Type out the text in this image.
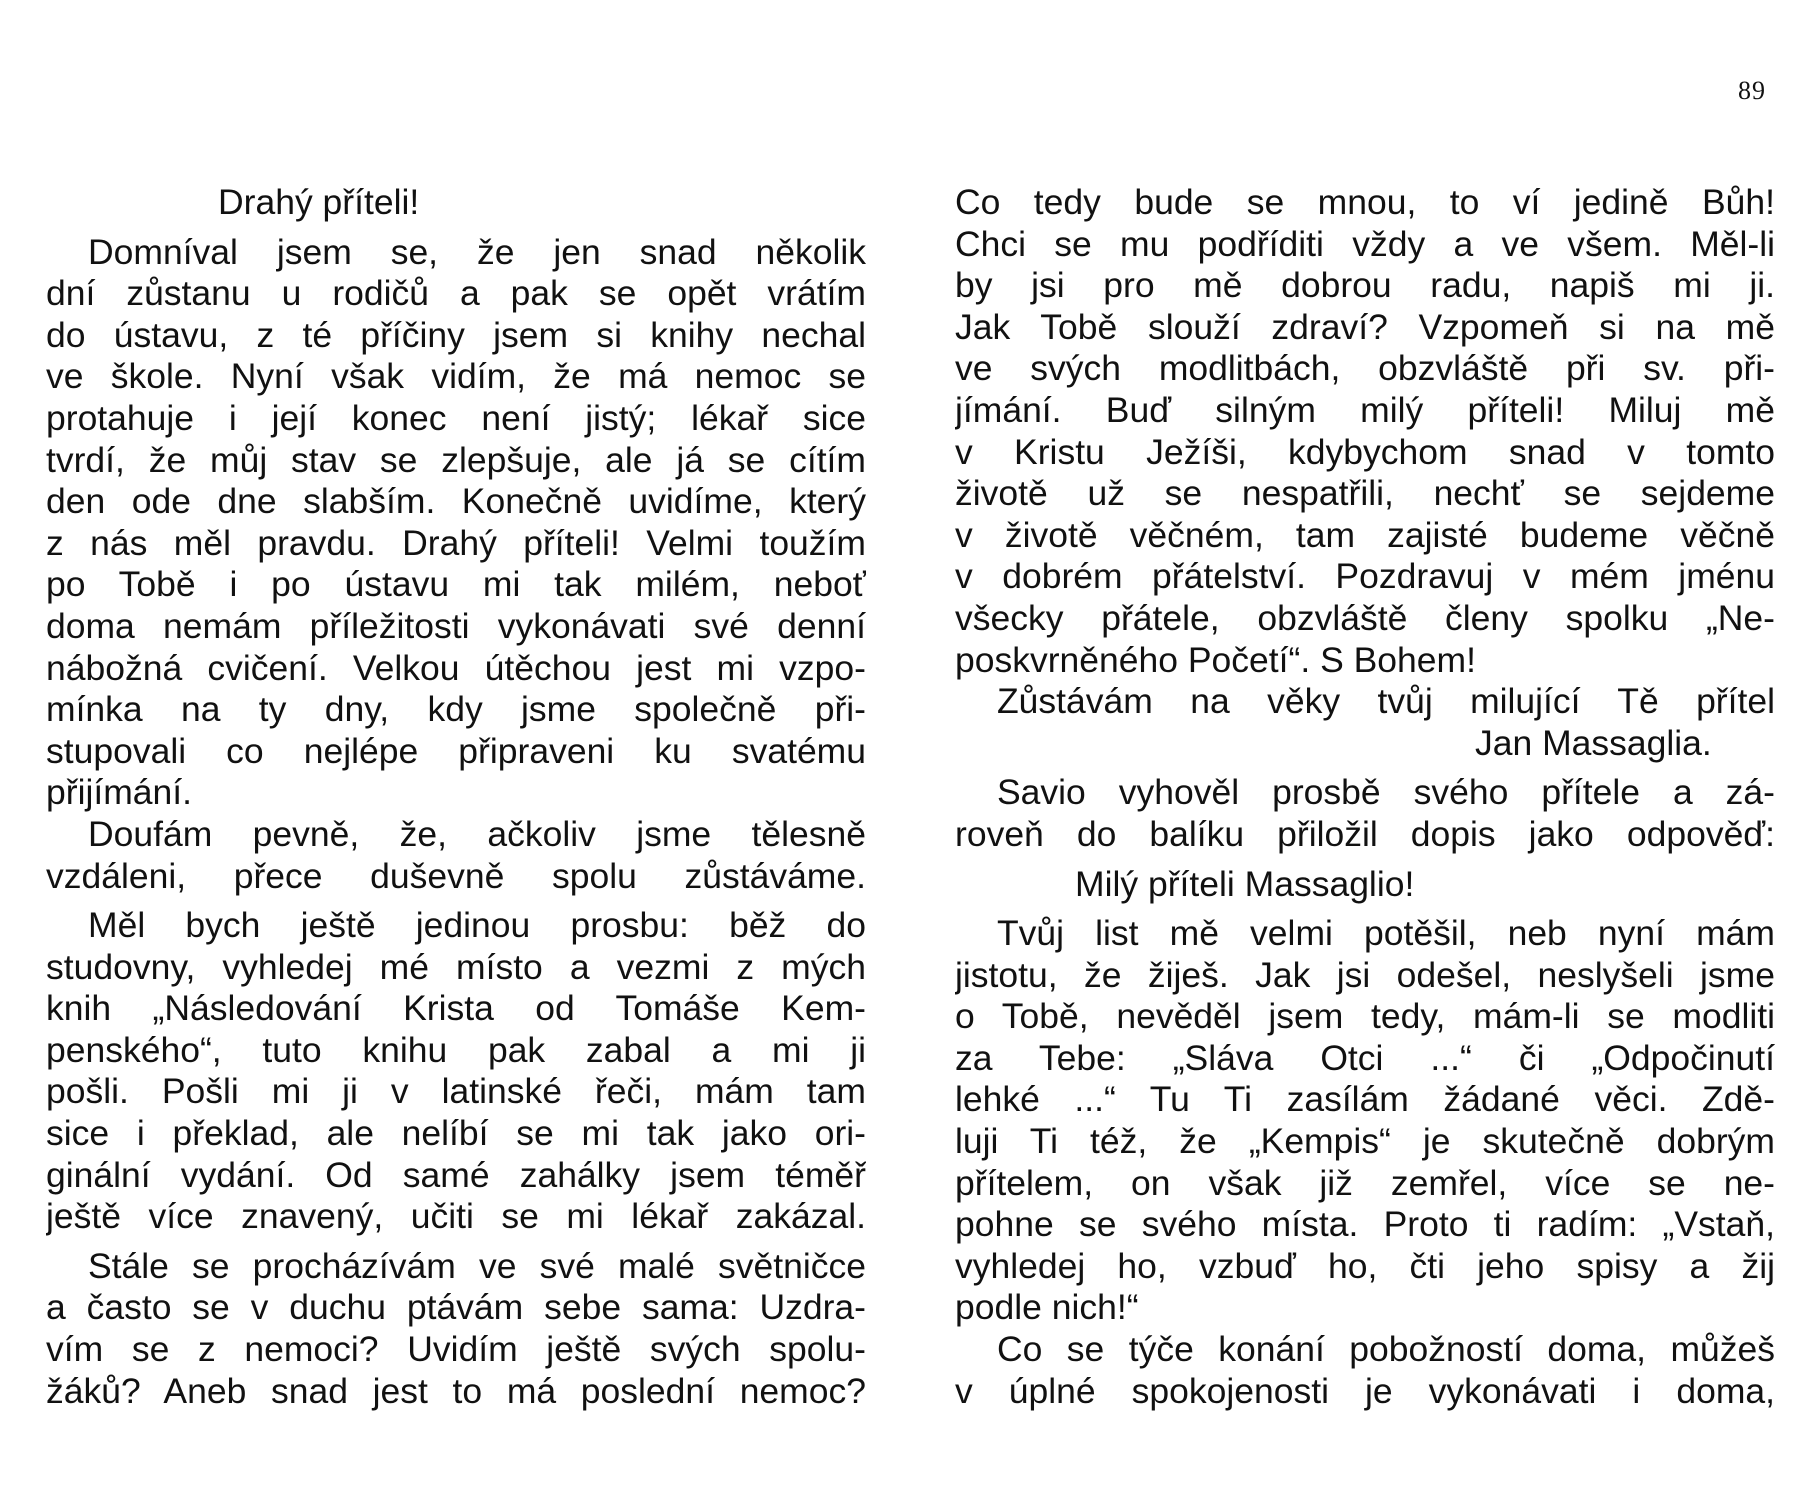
89
Drahý příteli!
Domníval jsem se, že jen snad několik
dní zůstanu u rodičů a pak se opět vrátím
do ústavu, z té příčiny jsem si knihy nechal
ve škole. Nyní však vidím, že má nemoc se
protahuje i její konec není jistý; lékař sice
tvrdí, že můj stav se zlepšuje, ale já se cítím
den ode dne slabším. Konečně uvidíme, který
z nás měl pravdu. Drahý příteli! Velmi toužím
po Tobě i po ústavu mi tak milém, neboť
doma nemám příležitosti vykonávati své denní
nábožná cvičení. Velkou útěchou jest mi vzpo-
mínka na ty dny, kdy jsme společně při-
stupovali co nejlépe připraveni ku svatému
přijímání.
Doufám pevně, že, ačkoliv jsme tělesně
vzdáleni, přece duševně spolu zůstáváme.
Měl bych ještě jedinou prosbu: běž do
studovny, vyhledej mé místo a vezmi z mých
knih „Následování Krista od Tomáše Kem-
penského“, tuto knihu pak zabal a mi ji
pošli. Pošli mi ji v latinské řeči, mám tam
sice i překlad, ale nelíbí se mi tak jako ori-
ginální vydání. Od samé zahálky jsem téměř
ještě více znavený, učiti se mi lékař zakázal.
Stále se procházívám ve své malé světničce
a často se v duchu ptávám sebe sama: Uzdra-
vím se z nemoci? Uvidím ještě svých spolu-
žáků? Aneb snad jest to má poslední nemoc?
Co tedy bude se mnou, to ví jedině Bůh!
Chci se mu podříditi vždy a ve všem. Měl-li
by jsi pro mě dobrou radu, napiš mi ji.
Jak Tobě slouží zdraví? Vzpomeň si na mě
ve svých modlitbách, obzvláště při sv. při-
jímání. Buď silným milý příteli! Miluj mě
v Kristu Ježíši, kdybychom snad v tomto
životě už se nespatřili, nechť se sejdeme
v životě věčném, tam zajisté budeme věčně
v dobrém přátelství. Pozdravuj v mém jménu
všecky přátele, obzvláště členy spolku „Ne-
poskvrněného Početí“. S Bohem!
Zůstávám na věky tvůj milující Tě přítel
Jan Massaglia.
Savio vyhověl prosbě svého přítele a zá-
roveň do balíku přiložil dopis jako odpověď:
Milý příteli Massaglio!
Tvůj list mě velmi potěšil, neb nyní mám
jistotu, že žiješ. Jak jsi odešel, neslyšeli jsme
o Tobě, nevěděl jsem tedy, mám-li se modliti
za Tebe: „Sláva Otci ...“ či „Odpočinutí
lehké ...“ Tu Ti zasílám žádané věci. Zdě-
luji Ti též, že „Kempis“ je skutečně dobrým
přítelem, on však již zemřel, více se ne-
pohne se svého místa. Proto ti radím: „Vstaň,
vyhledej ho, vzbuď ho, čti jeho spisy a žij
podle nich!“
Co se týče konání pobožností doma, můžeš
v úplné spokojenosti je vykonávati i doma,
